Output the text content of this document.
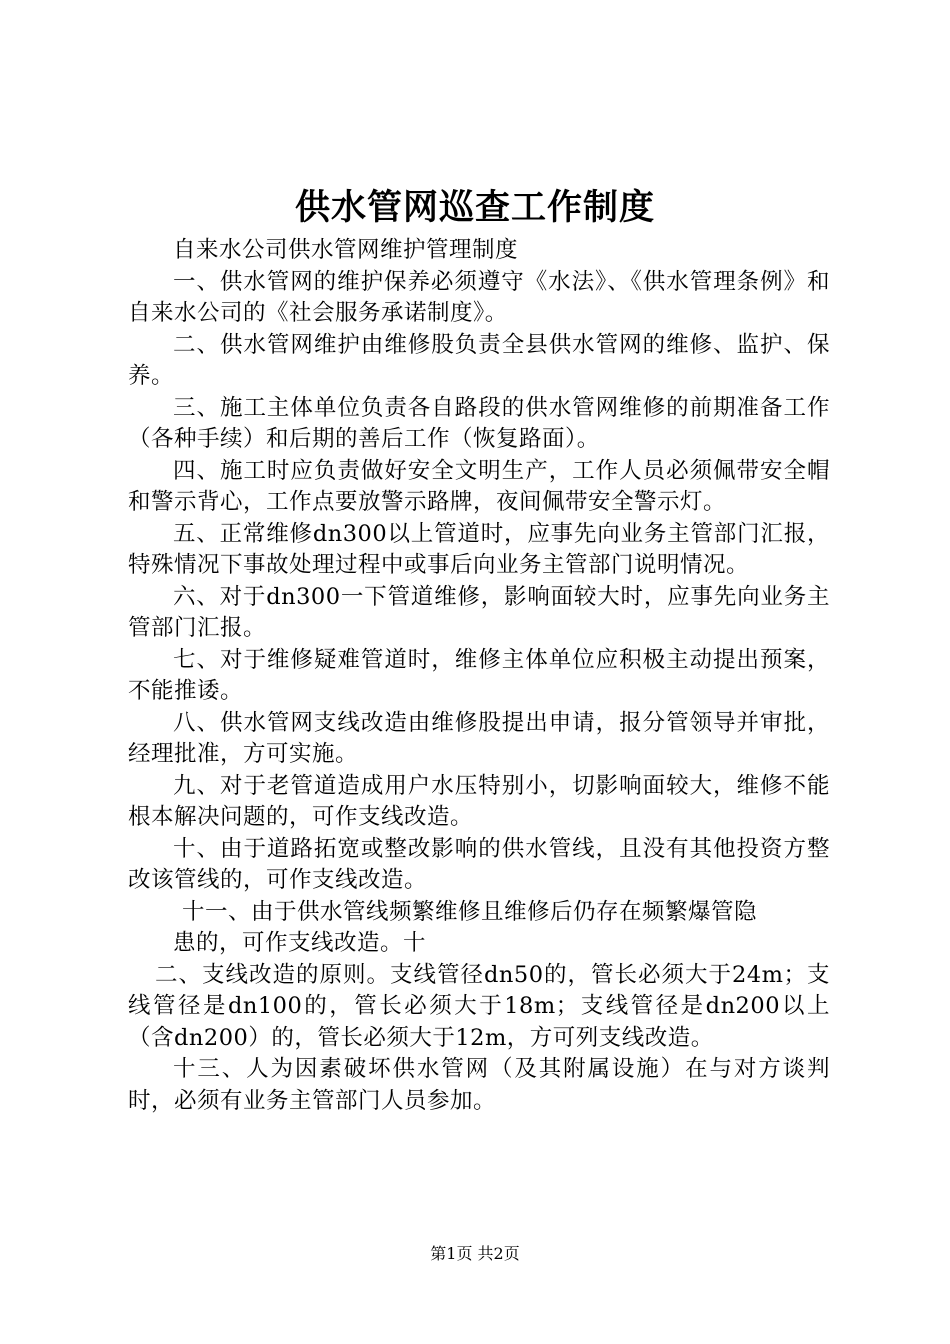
供水管网巡查工作制度

自来水公司供水管网维护管理制度

一、供水管网的维护保养必须遵守《水法》、《供水管理条例》和自来水公司的《社会服务承诺制度》。

二、供水管网维护由维修股负责全县供水管网的维修、监护、保养。

三、施工主体单位负责各自路段的供水管网维修的前期准备工作（各种手续）和后期的善后工作（恢复路面）。

四、施工时应负责做好安全文明生产，工作人员必须佩带安全帽和警示背心，工作点要放警示路牌，夜间佩带安全警示灯。

五、正常维修dn300以上管道时，应事先向业务主管部门汇报，特殊情况下事故处理过程中或事后向业务主管部门说明情况。

六、对于dn300一下管道维修，影响面较大时，应事先向业务主管部门汇报。

七、对于维修疑难管道时，维修主体单位应积极主动提出预案，不能推诿。

八、供水管网支线改造由维修股提出申请，报分管领导并审批，经理批准，方可实施。

九、对于老管道造成用户水压特别小，切影响面较大，维修不能根本解决问题的，可作支线改造。

十、由于道路拓宽或整改影响的供水管线，且没有其他投资方整改该管线的，可作支线改造。

十一、由于供水管线频繁维修且维修后仍存在频繁爆管隐

患的，可作支线改造。十

二、支线改造的原则。支线管径dn50的，管长必须大于24m；支线管径是dn100的，管长必须大于18m；支线管径是dn200以上（含dn200）的，管长必须大于12m，方可列支线改造。

十三、人为因素破坏供水管网（及其附属设施）在与对方谈判时，必须有业务主管部门人员参加。

第1页 共2页
